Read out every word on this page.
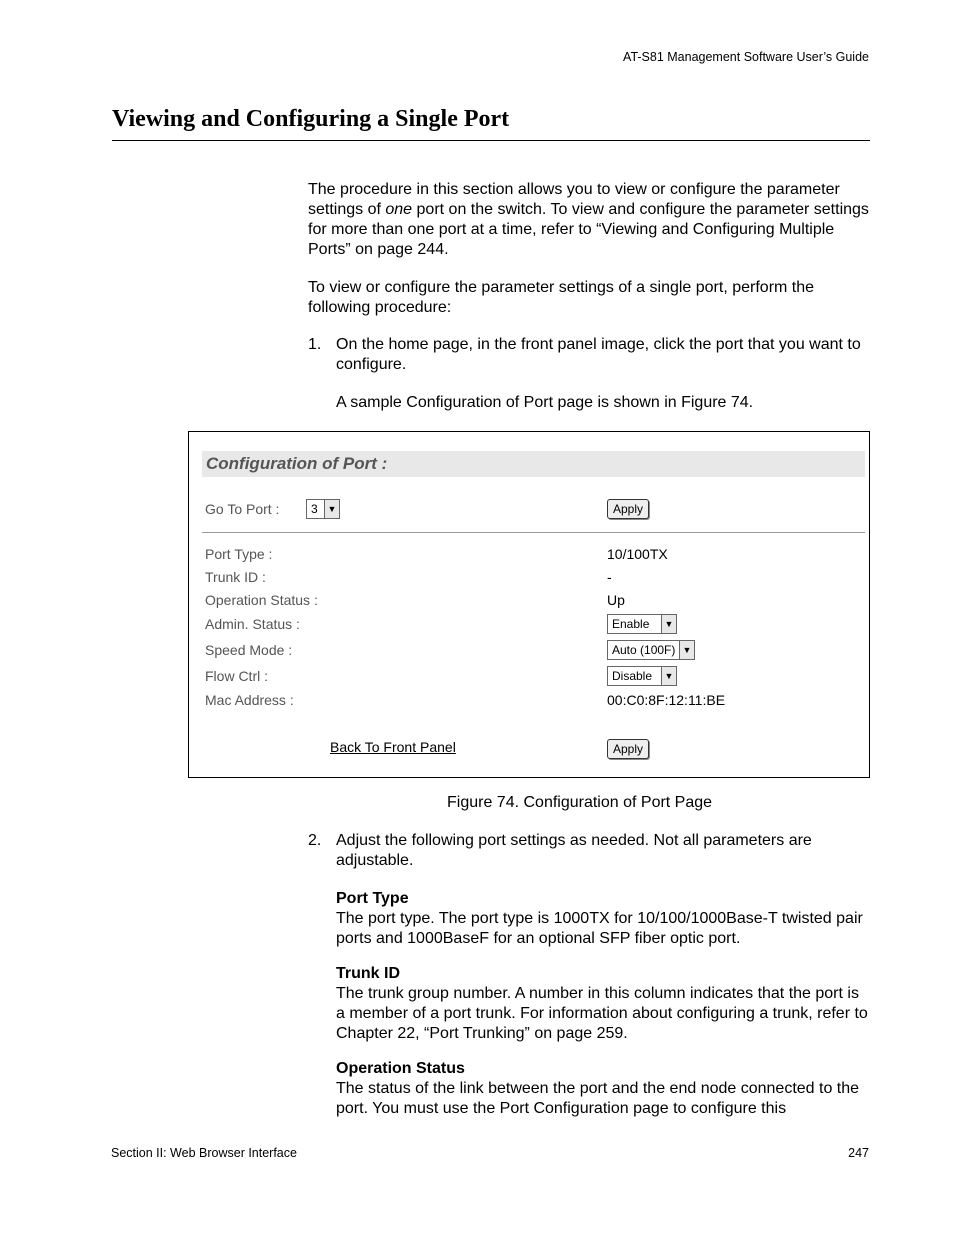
AT-S81 Management Software User’s Guide
Viewing and Configuring a Single Port
The procedure in this section allows you to view or configure the parameter settings of one port on the switch. To view and configure the parameter settings for more than one port at a time, refer to “Viewing and Configuring Multiple Ports” on page 244.
To view or configure the parameter settings of a single port, perform the following procedure:
1. On the home page, in the front panel image, click the port that you want to configure.
A sample Configuration of Port page is shown in Figure 74.
Configuration of Port :
Go To Port :	3	▼	Apply
Port Type :	10/100TX
Trunk ID :	-
Operation Status :	Up
Admin. Status :	Enable	▼
Speed Mode :	Auto (100F) ▼
Flow Ctrl :	Disable	▼
Mac Address :	00:C0:8F:12:11:BE
Back To Front Panel	Apply
Figure 74. Configuration of Port Page
2. Adjust the following port settings as needed. Not all parameters are adjustable.
Port Type
The port type. The port type is 1000TX for 10/100/1000Base-T twisted pair ports and 1000BaseF for an optional SFP fiber optic port.
Trunk ID
The trunk group number. A number in this column indicates that the port is a member of a port trunk. For information about configuring a trunk, refer to Chapter 22, “Port Trunking” on page 259.
Operation Status
The status of the link between the port and the end node connected to the port. You must use the Port Configuration page to configure this
Section II: Web Browser Interface	247
